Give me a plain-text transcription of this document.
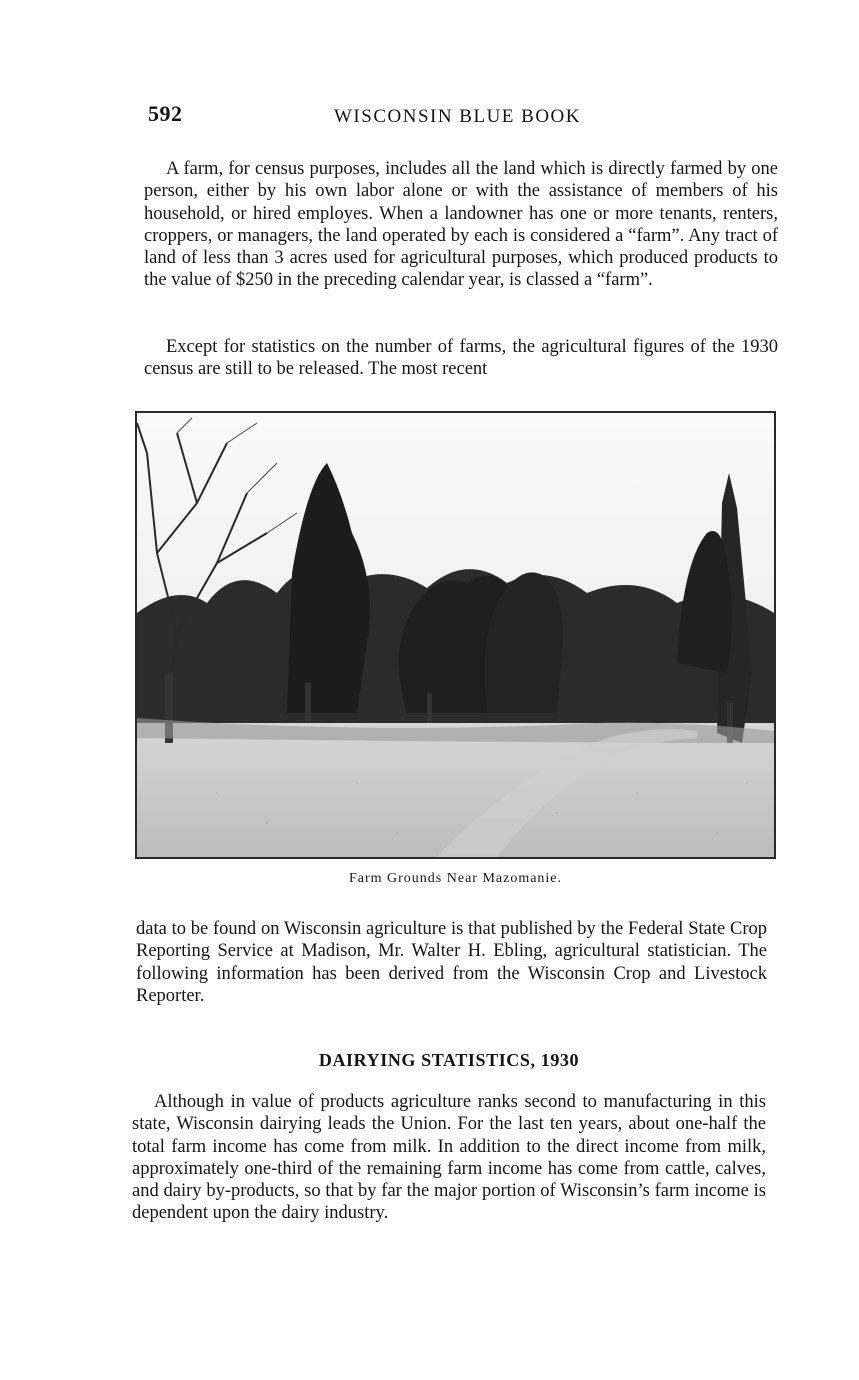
592	WISCONSIN BLUE BOOK

A farm, for census purposes, includes all the land which is directly farmed by one person, either by his own labor alone or with the assistance of members of his household, or hired employes. When a landowner has one or more tenants, renters, croppers, or managers, the land operated by each is considered a “farm”. Any tract of land of less than 3 acres used for agricultural purposes, which produced products to the value of $250 in the preceding calendar year, is classed a “farm”.

Except for statistics on the number of farms, the agricultural figures of the 1930 census are still to be released. The most recent

Farm Grounds Near Mazomanie.

data to be found on Wisconsin agriculture is that published by the Federal State Crop Reporting Service at Madison, Mr. Walter H. Ebling, agricultural statistician. The following information has been derived from the Wisconsin Crop and Livestock Reporter.

DAIRYING STATISTICS, 1930

Although in value of products agriculture ranks second to manufacturing in this state, Wisconsin dairying leads the Union. For the last ten years, about one-half the total farm income has come from milk. In addition to the direct income from milk, approximately one-third of the remaining farm income has come from cattle, calves, and dairy by-products, so that by far the major portion of Wisconsin’s farm income is dependent upon the dairy industry.
